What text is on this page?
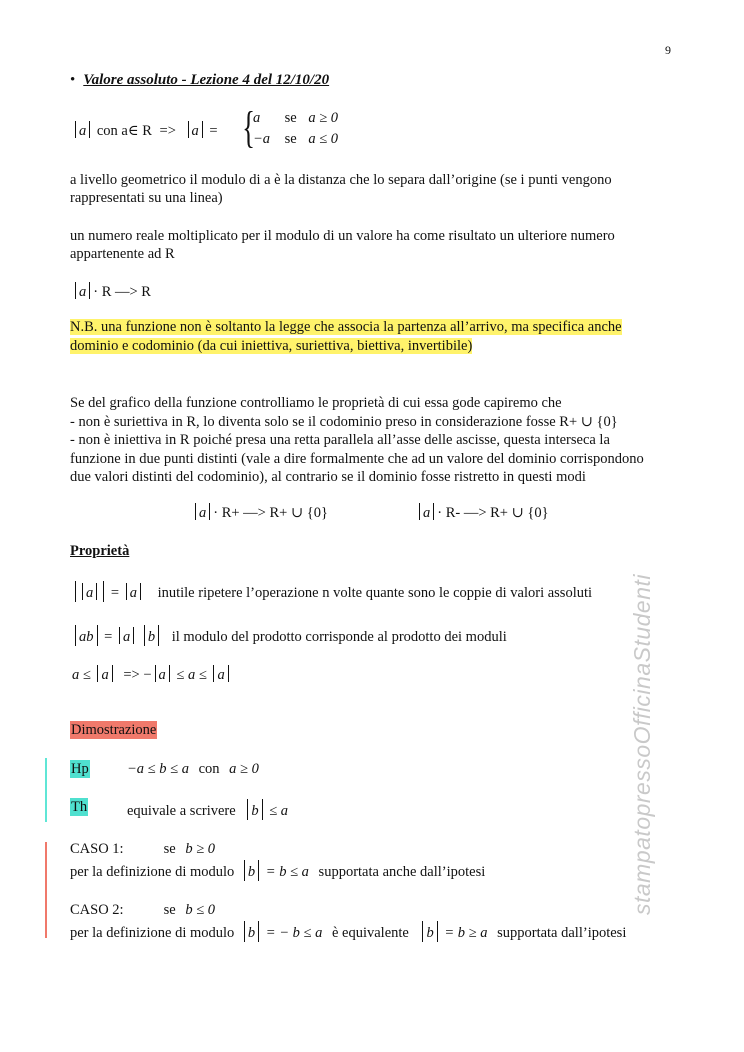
9
stampatopressoOfficinaStudenti
• Valore assoluto - Lezione 4 del 12/10/20
a con a∈ R => a = {
a se a ≥ 0
−a se a ≤ 0
a livello geometrico il modulo di a è la distanza che lo separa dall’origine (se i punti vengono rappresentati su una linea)
un numero reale moltiplicato per il modulo di un valore ha come risultato un ulteriore numero appartenente ad R
a · R —> R
N.B. una funzione non è soltanto la legge che associa la partenza all’arrivo, ma specifica anche
dominio e codominio (da cui iniettiva, suriettiva, biettiva, invertibile)
Se del grafico della funzione controlliamo le proprietà di cui essa gode capiremo che
- non è suriettiva in R, lo diventa solo se il codominio preso in considerazione fosse R+ ∪ {0}
- non è iniettiva in R poiché presa una retta parallela all’asse delle ascisse, questa interseca la
funzione in due punti distinti (vale a dire formalmente che ad un valore del dominio corrispondono
due valori distinti del codominio), al contrario se il dominio fosse ristretto in questi modi
a · R+ —> R+ ∪ {0}	a · R- —> R+ ∪ {0}
Proprietà
a = a inutile ripetere l’operazione n volte quante sono le coppie di valori assoluti
ab = a b il modulo del prodotto corrisponde al prodotto dei moduli
a ≤ a => − a ≤ a ≤ a
Dimostrazione
Hp	−a ≤ b ≤ a con a ≥ 0
Th	equivale a scrivere b ≤ a
CASO 1:	se b ≥ 0
per la definizione di modulo b = b ≤ a supportata anche dall’ipotesi
CASO 2:	se b ≤ 0
per la definizione di modulo b = − b ≤ a è equivalente b = b ≥ a supportata dall’ipotesi
